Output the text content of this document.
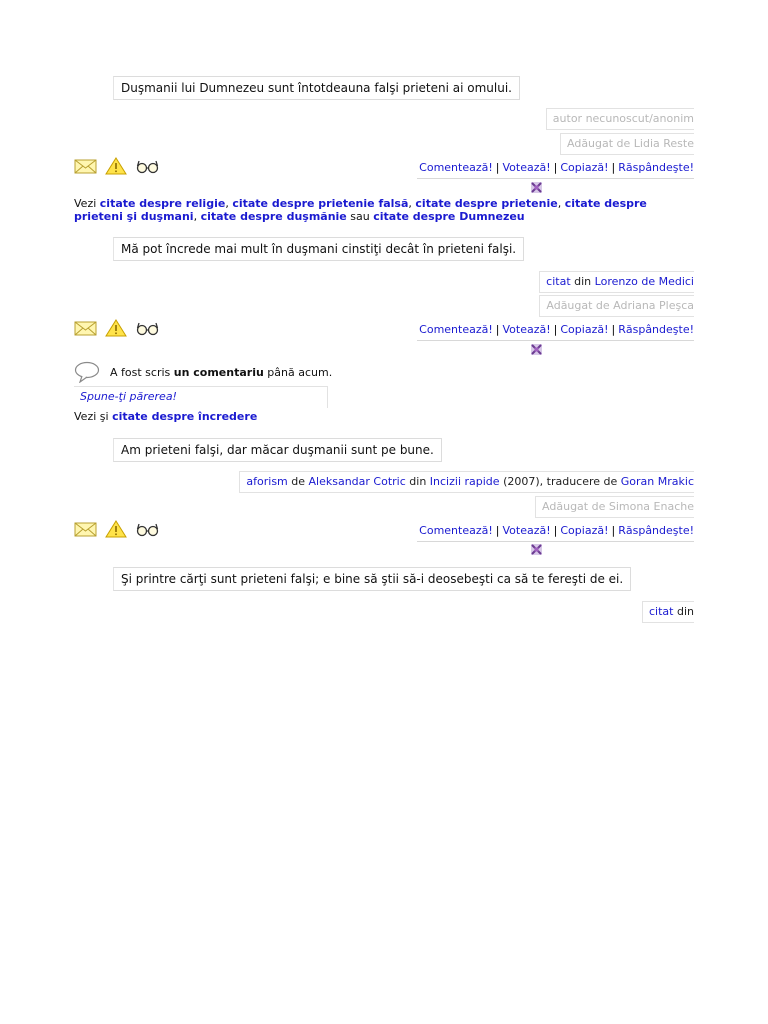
Duşmanii lui Dumnezeu sunt întotdeauna falşi prieteni ai omului.
autor necunoscut/anonim
Adăugat de Lidia Reste
Comentează! | Votează! | Copiază! | Răspândeşte!
Vezi citate despre religie, citate despre prietenie falsă, citate despre prietenie, citate despre prieteni şi duşmani, citate despre duşmănie sau citate despre Dumnezeu
Mă pot încrede mai mult în duşmani cinstiţi decât în prieteni falşi.
citat din Lorenzo de Medici
Adăugat de Adriana Pleşca
Comentează! | Votează! | Copiază! | Răspândeşte!
A fost scris un comentariu până acum.
Spune-ţi părerea!
Vezi şi citate despre încredere
Am prieteni falşi, dar măcar duşmanii sunt pe bune.
aforism de Aleksandar Cotric din Incizii rapide (2007), traducere de Goran Mrakic
Adăugat de Simona Enache
Comentează! | Votează! | Copiază! | Răspândeşte!
Şi printre cărţi sunt prieteni falşi; e bine să ştii să-i deosebeşti ca să te fereşti de ei.
citat din
